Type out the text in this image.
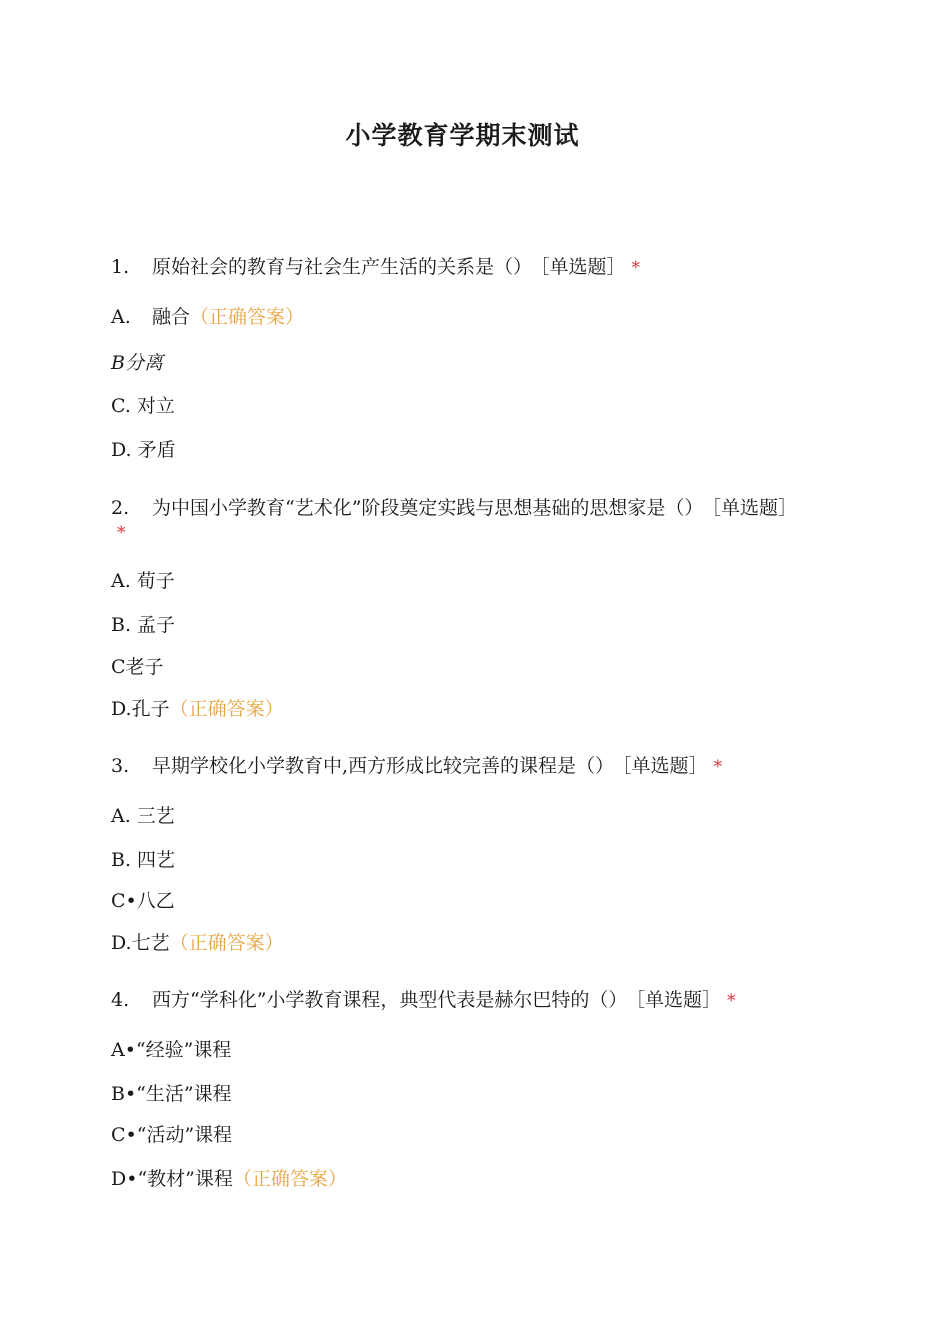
小学教育学期末测试
1. 原始社会的教育与社会生产生活的关系是（） ［单选题］ *
A. 融合（正确答案）
B分离
C. 对立
D. 矛盾
2. 为中国小学教育“艺术化”阶段奠定实践与思想基础的思想家是（） ［单选题］*
A. 荀子
B. 孟子
C老子
D.孔子（正确答案）
3. 早期学校化小学教育中,西方形成比较完善的课程是（） ［单选题］ *
A. 三艺
B. 四艺
C•八乙
D.七艺（正确答案）
4. 西方“学科化”小学教育课程，典型代表是赫尔巴特的（） ［单选题］ *
A•“经验”课程
B•“生活”课程
C•“活动”课程
D•“教材”课程（正确答案）
